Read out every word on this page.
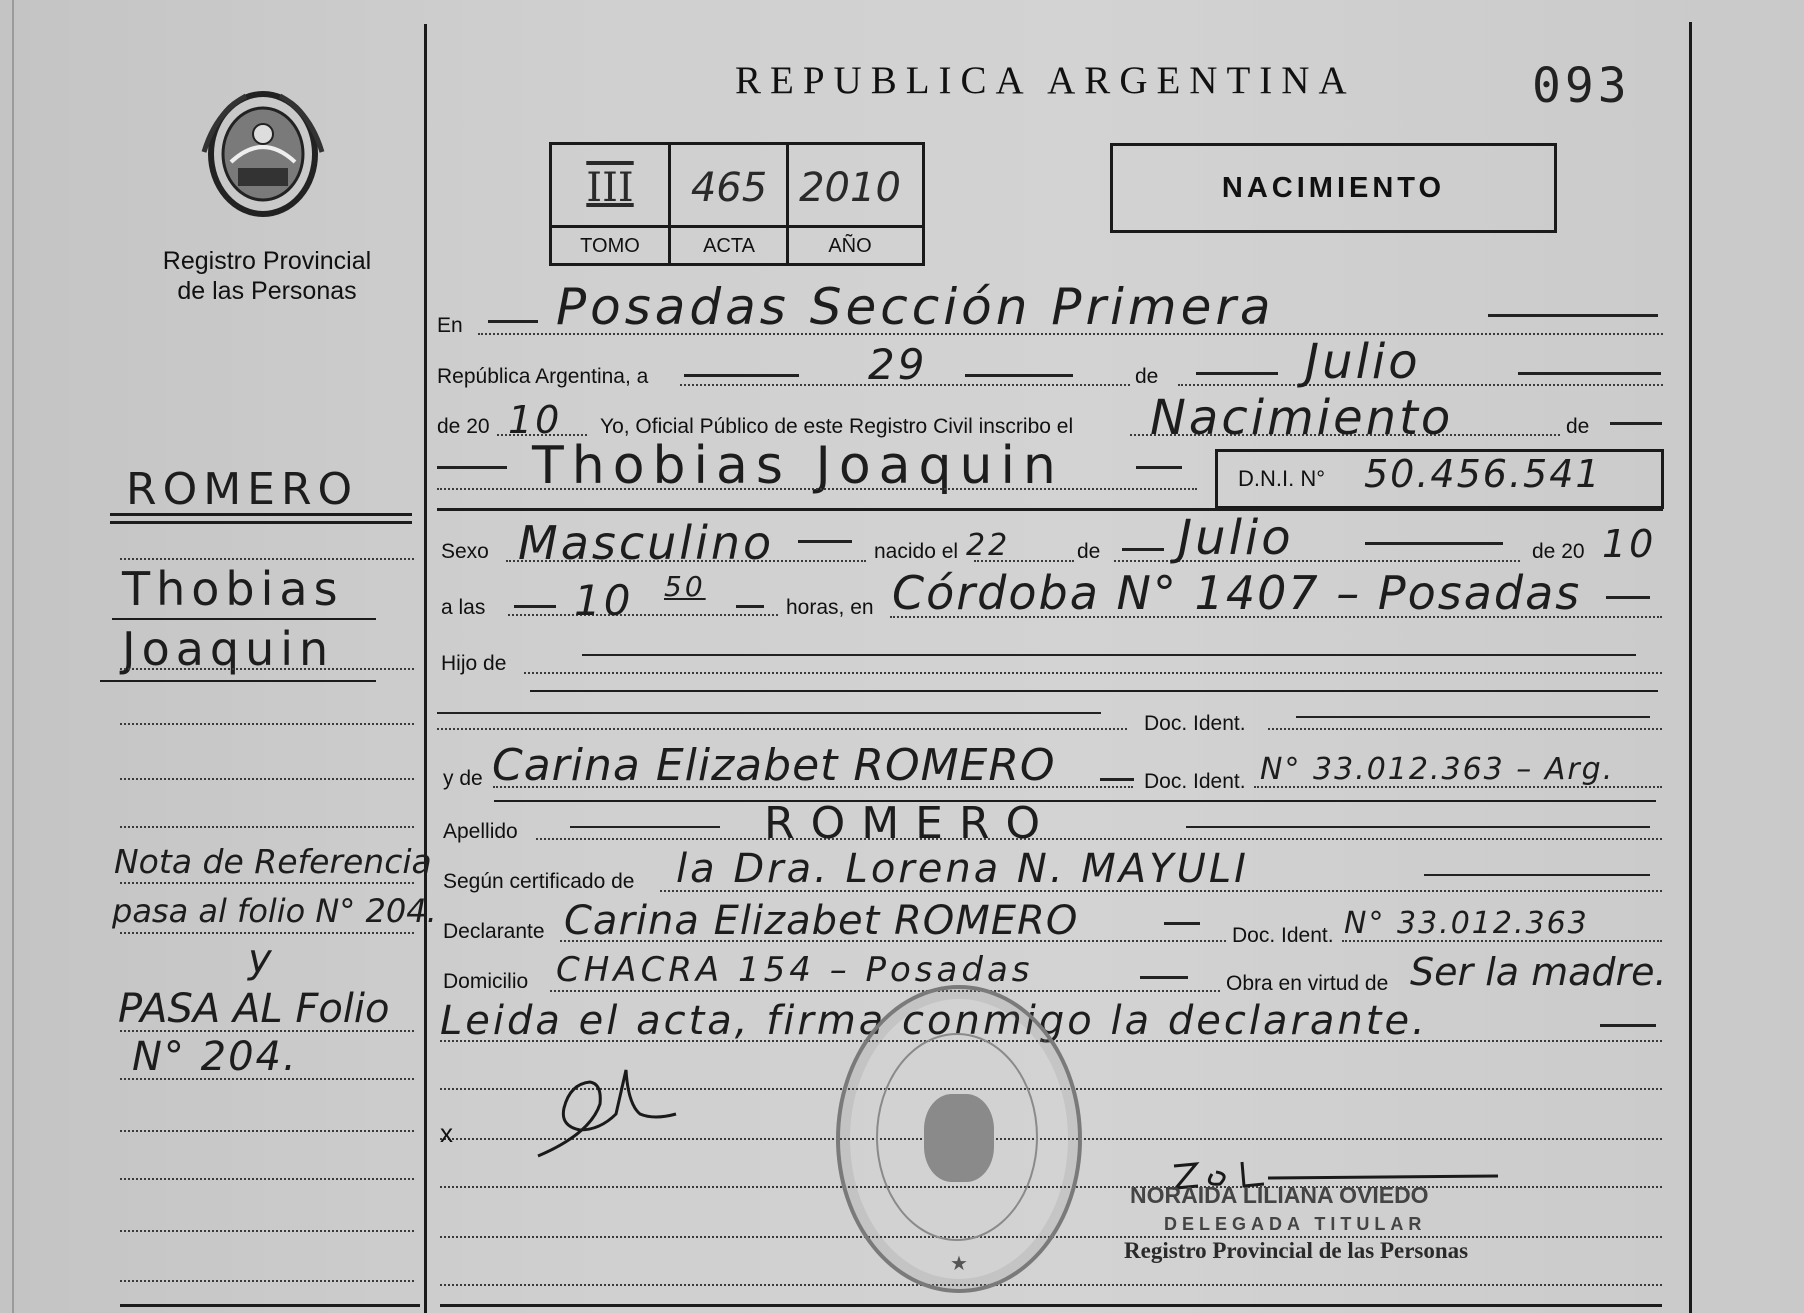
REPUBLICA ARGENTINA	093
Registro Provincial
de las Personas
III	465 2010
TOMO	ACTA	AÑO
NACIMIENTO
ROMERO
Thobias
Joaquin
Nota de Referencia
pasa al folio N° 204.
y
PASA AL Folio
N° 204.
En Posadas Sección Primera
República Argentina, a	29	de	Julio
de 20 10 Yo, Oficial Público de este Registro Civil inscribo el Nacimiento	de
Thobias Joaquin	D.N.I. N° 50.456.541
Sexo Masculino	nacido el 22	de Julio	de 20 10
a las 10 50
horas, en Córdoba N° 1407 – Posadas
Hijo de
Doc. Ident.
y de Carina Elizabet ROMERO	Doc. Ident. N° 33.012.363 – Arg.
Apellido	ROMERO
Según certificado de la Dra. Lorena N. MAYULI
Declarante Carina Elizabet ROMERO	Doc. Ident. N° 33.012.363
Domicilio CHACRA 154 – Posadas	Obra en virtud de Ser la madre.
Leida el acta, firma conmigo la declarante.
x
★
NORAIDA LILIANA OVIEDO
DELEGADA TITULAR
Registro Provincial de las Personas
